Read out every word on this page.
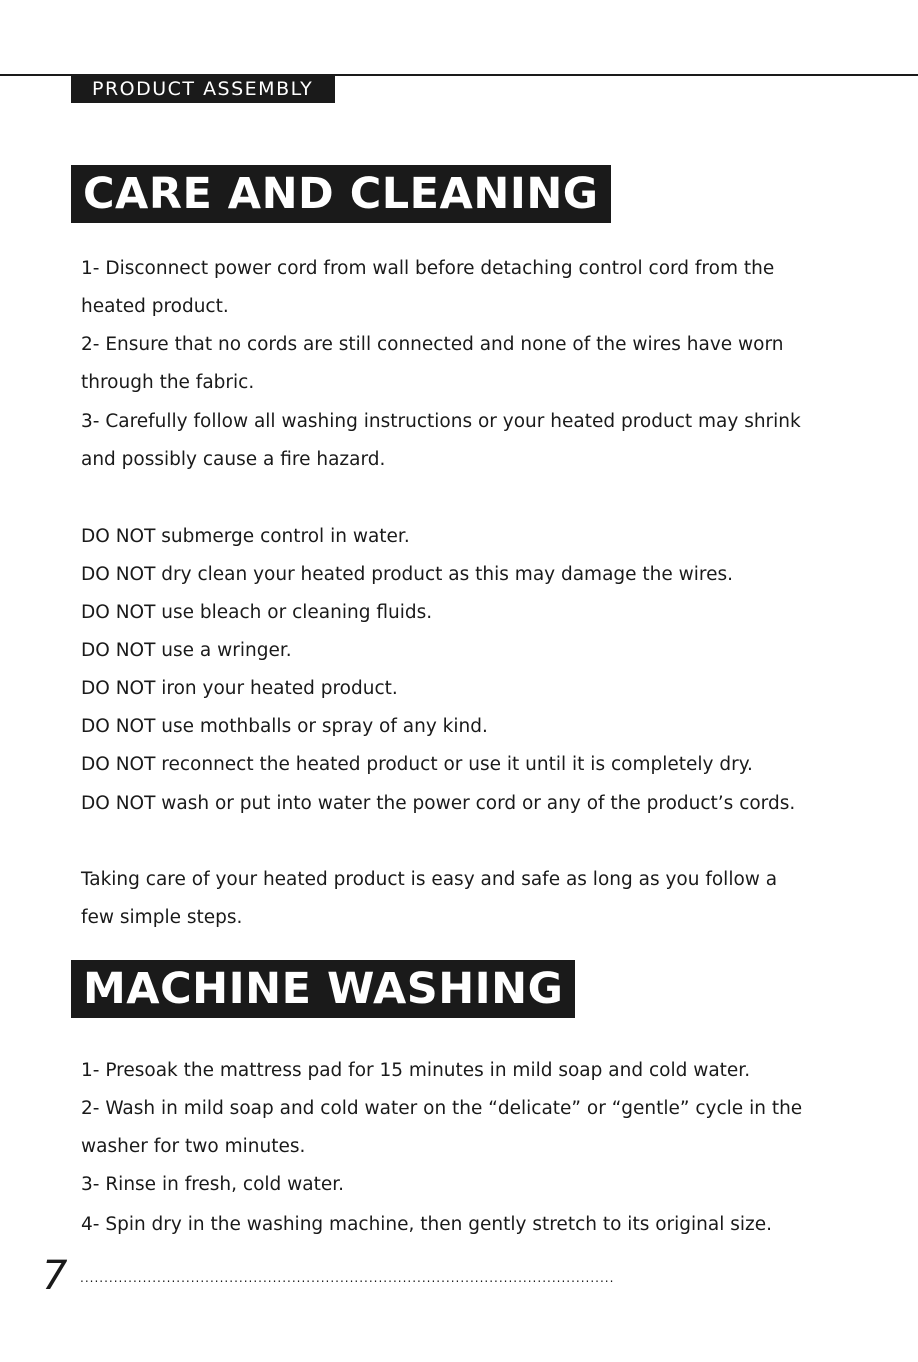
PRODUCT ASSEMBLY
CARE AND CLEANING
1- Disconnect power cord from wall before detaching control cord from the
heated product.
2- Ensure that no cords are still connected and none of the wires have worn
through the fabric.
3- Carefully follow all washing instructions or your heated product may shrink
and possibly cause a fire hazard.
DO NOT submerge control in water.
DO NOT dry clean your heated product as this may damage the wires.
DO NOT use bleach or cleaning fluids.
DO NOT use a wringer.
DO NOT iron your heated product.
DO NOT use mothballs or spray of any kind.
DO NOT reconnect the heated product or use it until it is completely dry.
DO NOT wash or put into water the power cord or any of the product’s cords.
Taking care of your heated product is easy and safe as long as you follow a
few simple steps.
MACHINE WASHING
1- Presoak the mattress pad for 15 minutes in mild soap and cold water.
2- Wash in mild soap and cold water on the “delicate” or “gentle” cycle in the
washer for two minutes.
3- Rinse in fresh, cold water.
4- Spin dry in the washing machine, then gently stretch to its original size.
7 ...............................................................................................................
